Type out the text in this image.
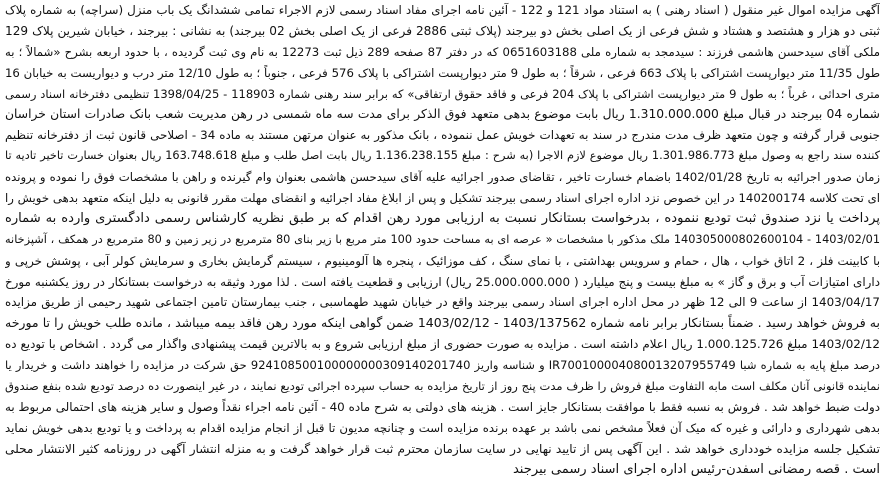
آگهی مزایده اموال غیر منقول ( اسناد رهنی ) به استناد مواد 121 و 122 - آئین نامه اجرای مفاد اسناد رسمی لازم الاجراء تمامی ششدانگ یک باب منزل (سراچه) به شماره پلاک
ثبتی دو هزار و هشتصد و هشتاد و شش فرعی از یک اصلی بخش دو بیرجند (پلاک ثبتی 2886 فرعی از یک اصلی بخش 02 بیرجند) به نشانی : بیرجند ، خیابان شیرین پلاک 129
ملکی آقای سیدحسن هاشمی فرزند : سیدمجد به شماره ملی 0651603188 که در دفتر 87 صفحه 289 ذیل ثبت 12273 به نام وی ثبت گردیده ، با حدود اربعه بشرح «شمالاً ؛ به
طول 11/35 متر دیوارپست اشتراکی با پلاک 663 فرعی ، شرقاً ؛ به طول 9 متر دیوارپست اشتراکی با پلاک 576 فرعی ، جنوباً ؛ به طول 12/10 متر درب و دیواریست به خیابان 16
متری احداثی ، غرباً ؛ به طول 9 متر دیوارپست اشتراکی با پلاک 204 فرعی و فاقد حقوق ارتفاقی» که برابر سند رهنی شماره 118903 - 1398/04/25 تنظیمی دفترخانه اسناد رسمی
شماره 04 بیرجند در قبال مبلغ 1.310.000.000 ریال بابت موضوع بدهی متعهد فوق الذکر برای مدت سه ماه شمسی در رهن مدیریت شعب بانک صادرات استان خراسان
جنوبی قرار گرفته و چون متعهد ظرف مدت مندرج در سند به تعهدات خویش عمل ننموده ، بانک مذکور به عنوان مرتهن مستند به ماده 34 - اصلاحی قانون ثبت از دفترخانه تنظیم
کننده سند راجع به وصول مبلغ 1.301.986.773 ریال موضوع لازم الاجرا (به شرح : مبلغ 1.136.238.155 ریال بابت اصل طلب و مبلغ 163.748.618 ریال بعنوان خسارت تاخیر تادیه تا
زمان صدور اجرائیه به تاریخ 1402/01/28 باضمام خسارت تاخیر ، تقاضای صدور اجرائیه علیه آقای سیدحسن هاشمی بعنوان وام گیرنده و راهن با مشخصات فوق را نموده و پرونده
ای تحت کلاسه 140200174 در این خصوص نزد اداره اجرای اسناد رسمی بیرجند تشکیل و پس از ابلاغ مفاد اجرائیه و انقضای مهلت مقرر قانونی به دلیل اینکه متعهد بدهی خویش را
پرداخت یا نزد صندوق ثبت تودیع ننموده ، بدرخواست بستانکار نسبت به ارزیابی مورد رهن اقدام که بر طبق نظریه کارشناس رسمی دادگستری وارده به شماره
1403/02/01 - 140305000802600104 ملک مذکور با مشخصات « عرصه ای به مساحت حدود 100 متر مربع با زیر بنای 80 مترمربع در زیر زمین و 80 مترمربع در همکف ، آشپزخانه
با کابینت فلز ، 2 اتاق خواب ، هال ، حمام و سرویس بهداشتی ، با نمای سنگ ، کف موزائیک ، پنجره ها آلومینیوم ، سیستم گرمایش بخاری و سرمایش کولر آبی ، پوشش خرپی و
دارای امتیازات آب و برق و گاز » به مبلغ بیست و پنج میلیارد ( 25.000.000.000 ریال) ارزیابی و قطعیت یافته است . لذا مورد وثیقه به درخواست بستانکار در روز یکشنبه مورخ
1403/04/17 از ساعت 9 الی 12 ظهر در محل اداره اجرای اسناد رسمی بیرجند واقع در خیابان شهید طهماسبی ، جنب بیمارستان تامین اجتماعی شهید رحیمی از طریق مزایده
به فروش خواهد رسید . ضمناً بستانکار برابر نامه شماره 1403/137562 - 1403/02/12 ضمن گواهی اینکه مورد رهن فاقد بیمه میباشد ، مانده طلب خویش را تا مورخه
1403/02/12 مبلغ 1.000.125.726 ریال اعلام داشته است . مزایده به صورت حضوری از مبلغ ارزیابی شروع و به بالاترین قیمت پیشنهادی واگذار می گردد . اشخاص با تودیع ده
درصد مبلغ پایه به شماره شبا IR700100004080013207955749 و شناسه واریز 924108500100000000309140201740 حق شرکت در مزایده را خواهند داشت و خریدار یا
نماینده قانونی آنان مکلف است مابه التفاوت مبلغ فروش را ظرف مدت پنج روز از تاریخ مزایده به حساب سپرده اجرائی تودیع نمایند ، در غیر اینصورت ده درصد تودیع شده بنفع صندوق
دولت ضبط خواهد شد . فروش به نسبه فقط با موافقت بستانکار جایز است . هزینه های دولتی به شرح ماده 40 - آئین نامه اجراء نقداً وصول و سایر هزینه های احتمالی مربوط به
بدهی شهرداری و دارائی و غیره که میک آن فعلاً مشخص نمی باشد بر عهده برنده مزایده است و چنانچه مدیون تا قبل از انجام مزایده اقدام به پرداخت و یا تودیع بدهی خویش نماید
تشکیل جلسه مزایده خودداری خواهد شد . این آگهی پس از تایید نهایی در سایت سازمان محترم ثبت قرار خواهد گرفت و به منزله انتشار آگهی در روزنامه کثیر الانتشار محلی
است . قصه رمضانی اسفدن-رئیس اداره اجرای اسناد رسمی بیرجند
